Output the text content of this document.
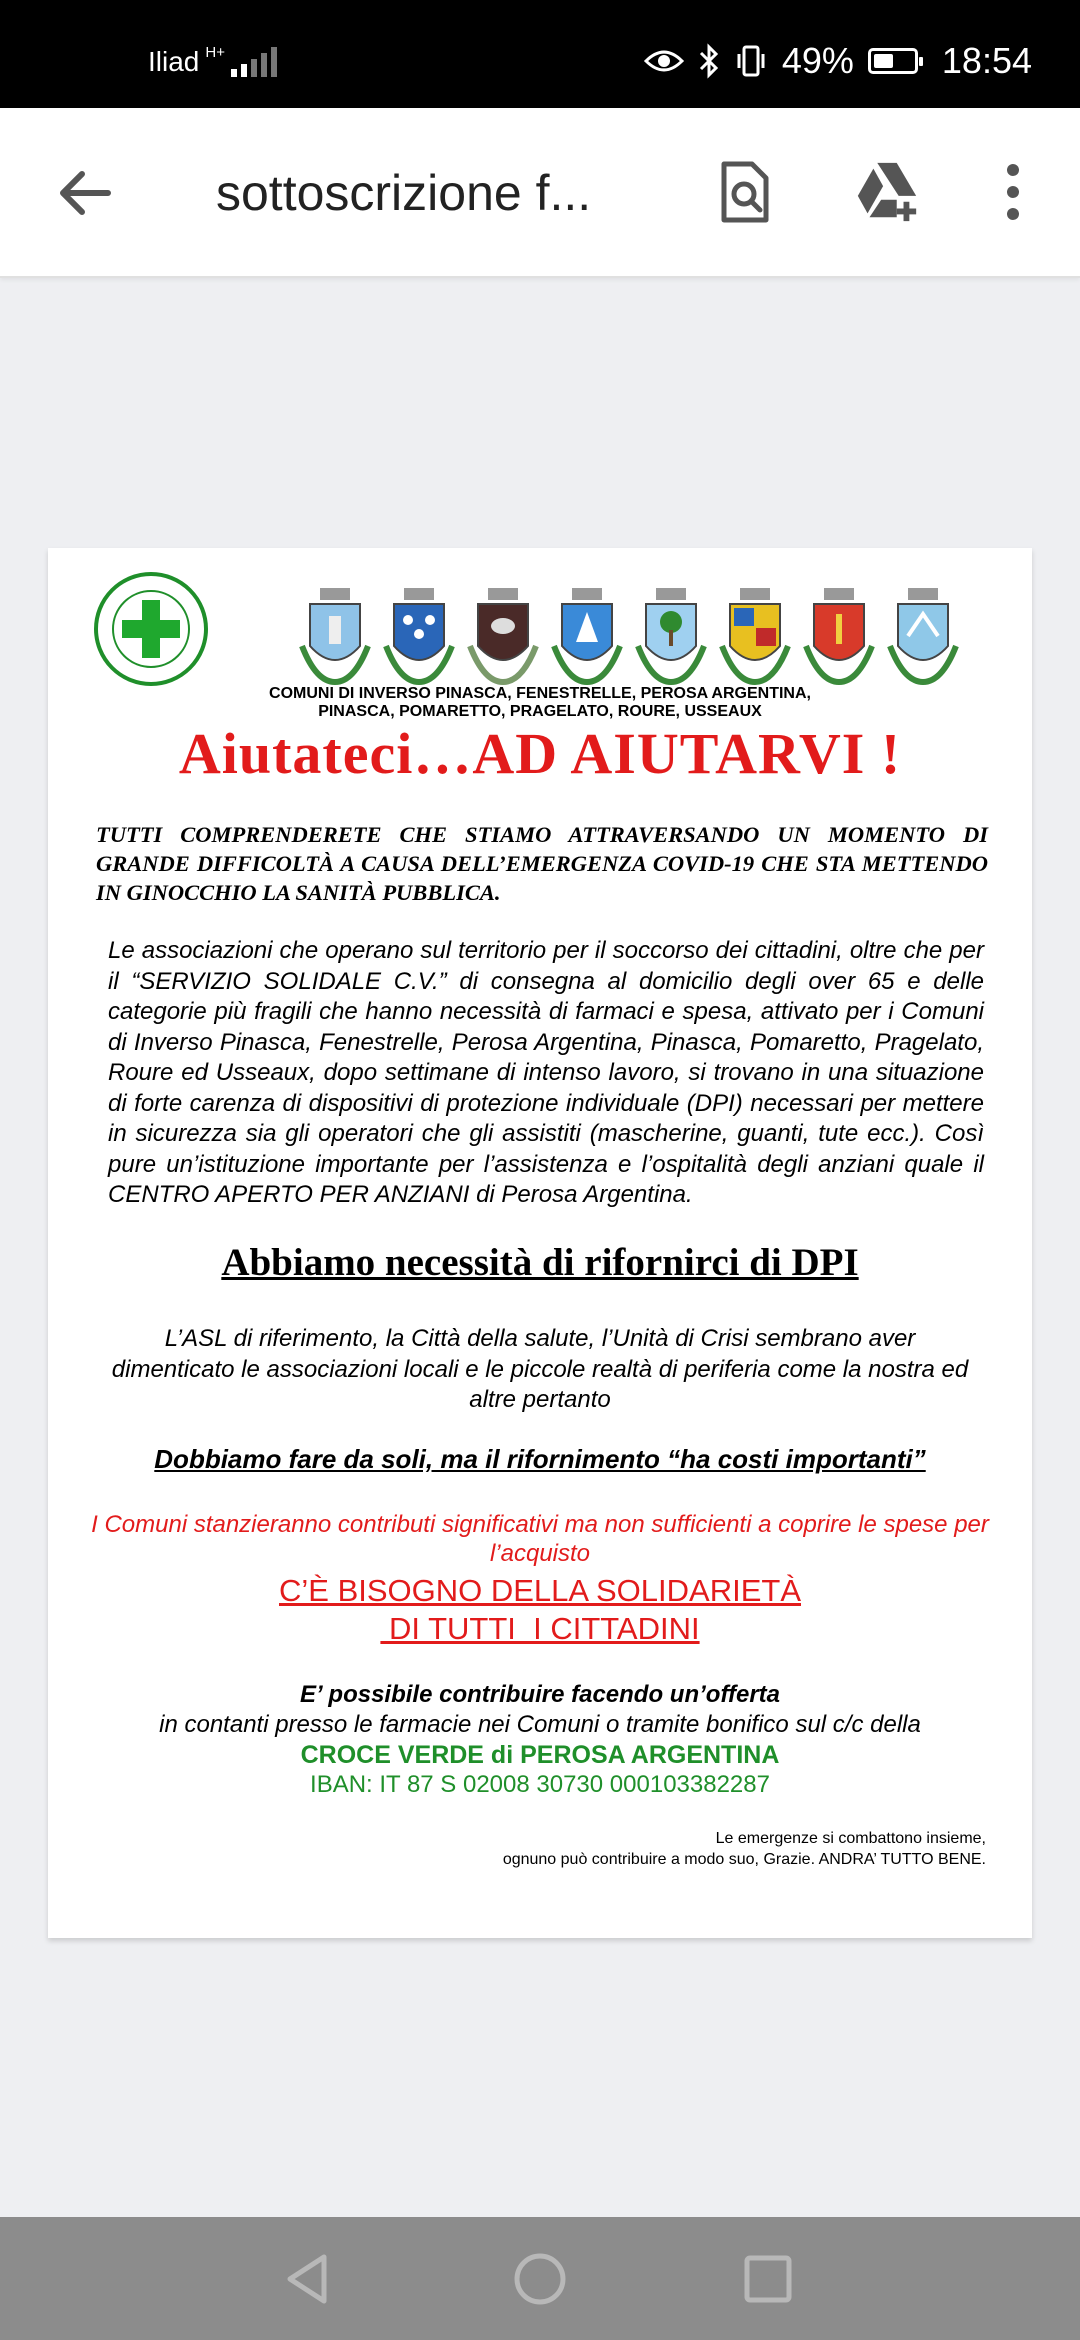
Iliad H+	49% 18:54
sottoscrizione f...
COMUNI DI INVERSO PINASCA, FENESTRELLE, PEROSA ARGENTINA,
PINASCA, POMARETTO, PRAGELATO, ROURE, USSEAUX
Aiutateci…AD AIUTARVI !
TUTTI COMPRENDERETE CHE STIAMO ATTRAVERSANDO UN MOMENTO DI GRANDE DIFFICOLTÀ A CAUSA DELL’EMERGENZA COVID-19 CHE STA METTENDO IN GINOCCHIO LA SANITÀ PUBBLICA.
Le associazioni che operano sul territorio per il soccorso dei cittadini, oltre che per il “SERVIZIO SOLIDALE C.V.” di consegna al domicilio degli over 65 e delle categorie più fragili che hanno necessità di farmaci e spesa, attivato per i Comuni di Inverso Pinasca, Fenestrelle, Perosa Argentina, Pinasca, Pomaretto, Pragelato, Roure ed Usseaux, dopo settimane di intenso lavoro, si trovano in una situazione di forte carenza di dispositivi di protezione individuale (DPI) necessari per mettere in sicurezza sia gli operatori che gli assistiti (mascherine, guanti, tute ecc.). Così pure un’istituzione importante per l’assistenza e l’ospitalità degli anziani quale il CENTRO APERTO PER ANZIANI di Perosa Argentina.
Abbiamo necessità di rifornirci di DPI
L’ASL di riferimento, la Città della salute, l’Unità di Crisi sembrano aver dimenticato le associazioni locali e le piccole realtà di periferia come la nostra ed altre pertanto
Dobbiamo fare da soli, ma il rifornimento “ha costi importanti”
I Comuni stanzieranno contributi significativi ma non sufficienti a coprire le spese per l’acquisto
C’È BISOGNO DELLA SOLIDARIETÀ
DI TUTTI  I CITTADINI
E’ possibile contribuire facendo un’offerta
in contanti presso le farmacie nei Comuni o tramite bonifico sul c/c della
CROCE VERDE di PEROSA ARGENTINA
IBAN: IT 87 S 02008 30730 000103382287
Le emergenze si combattono insieme,
ognuno può contribuire a modo suo, Grazie. ANDRA’ TUTTO BENE.
